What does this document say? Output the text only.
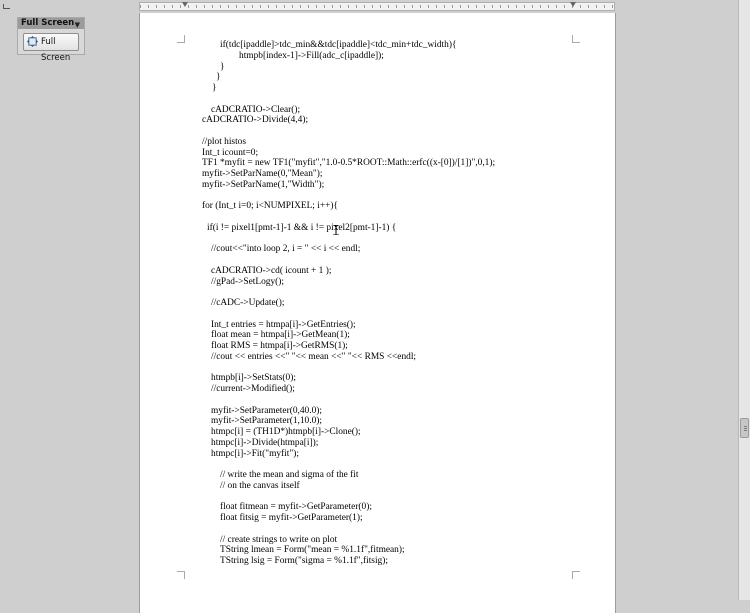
Full Screen ▼
Full Screen
if(tdc[ipaddle]>tdc_min&&tdc[ipaddle]<tdc_min+tdc_width){
htmpb[index-1]->Fill(adc_c[ipaddle]);
}
}
}
cADCRATIO->Clear();
cADCRATIO->Divide(4,4);
//plot histos
Int_t icount=0;
TF1 *myfit = new TF1("myfit","1.0-0.5*ROOT::Math::erfc((x-[0])/[1])",0,1);
myfit->SetParName(0,"Mean");
myfit->SetParName(1,"Width");
for (Int_t i=0; i<NUMPIXEL; i++){
if(i != pixel1[pmt-1]-1 && i != pixel2[pmt-1]-1) {
//cout<<"into loop 2, i = " << i << endl;
cADCRATIO->cd( icount + 1 );
//gPad->SetLogy();
//cADC->Update();
Int_t entries = htmpa[i]->GetEntries();
float mean = htmpa[i]->GetMean(1);
float RMS = htmpa[i]->GetRMS(1);
//cout << entries <<" "<< mean <<" "<< RMS <<endl;
htmpb[i]->SetStats(0);
//current->Modified();
myfit->SetParameter(0,40.0);
myfit->SetParameter(1,10.0);
htmpc[i] = (TH1D*)htmpb[i]->Clone();
htmpc[i]->Divide(htmpa[i]);
htmpc[i]->Fit("myfit");
// write the mean and sigma of the fit
// on the canvas itself
float fitmean = myfit->GetParameter(0);
float fitsig = myfit->GetParameter(1);
// create strings to write on plot
TString lmean = Form("mean = %1.1f",fitmean);
TString lsig = Form("sigma = %1.1f",fitsig);
